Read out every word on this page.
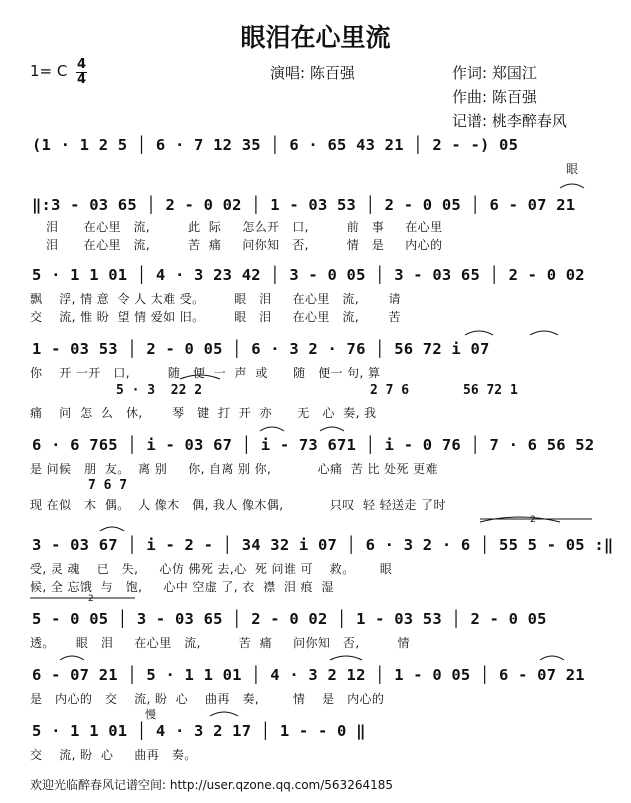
眼泪在心里流
1= C 4
4	演唱: 陈百强	作词: 郑国江
作曲: 陈百强
记谱: 桃李醉春风
(1 · 1 2 5 │ 6 · 7 12 35 │ 6 · 65 43 21 │ 2 - -) 05
眼
‖:3 - 03 65 │ 2 - 0 02 │ 1 - 03 53 │ 2 - 0 05 │ 6 - 07 21
泪      在心里   流,         此  际     怎么开   口,         前   事     在心里
泪      在心里   流,         苦  痛     问你知   否,         情   是     内心的
5 · 1 1 01 │ 4 · 3 23 42 │ 3 - 0 05 │ 3 - 03 65 │ 2 - 0 02
飘    浮, 情 意  令 人 太难 受。       眼   泪     在心里   流,       请
交    流, 惟 盼  望 情 爱如 旧。       眼   泪     在心里   流,       苦
1 - 03 53 │ 2 - 0 05 │ 6 · 3 2 · 76 │ 56 72 i 07
你    开 一开   口,         随   便  一  声  或      随   便一 句, 算
5 · 3  22 2	2 7 6	56 72 1
痛    问  怎  么   休,       琴   键  打  开  亦      无   心  奏, 我
6 · 6 765 │ i - 03 67 │ i - 73 671 │ i - 0 76 │ 7 · 6 56 52
是 问候   朋  友。  离 别     你, 自离 别 你,           心痛  苦 比 处死 更难
7 6 7
现 在似   木  偶。  人 像木   偶, 我人 像木偶,           只叹  轻 轻送走 了时
3 - 03 67 │ i - 2 - │ 34 32 i 07 │ 6 · 3 2 · 6 │ 55 5 - 05 :‖
受, 灵 魂    已   失,     心仿 佛死 去,心  死 问谁 可    救。      眼
候, 全 忘饿  与   饱,     心中 空虚 了, 衣  襟  泪 痕  湿
5 - 0 05 │ 3 - 03 65 │ 2 - 0 02 │ 1 - 03 53 │ 2 - 0 05
透。     眼   泪     在心里   流,         苦  痛     问你知   否,         情
6 - 07 21 │ 5 · 1 1 01 │ 4 · 3 2 12 │ 1 - 0 05 │ 6 - 07 21
是   内心的   交    流, 盼  心    曲再   奏,        情    是   内心的
慢
5 · 1 1 01 │ 4 · 3 2 17 │ 1 - - 0 ‖
交    流, 盼  心     曲再   奏。
欢迎光临醉春风记谱空间: http://user.qzone.qq.com/563264185
2
2
